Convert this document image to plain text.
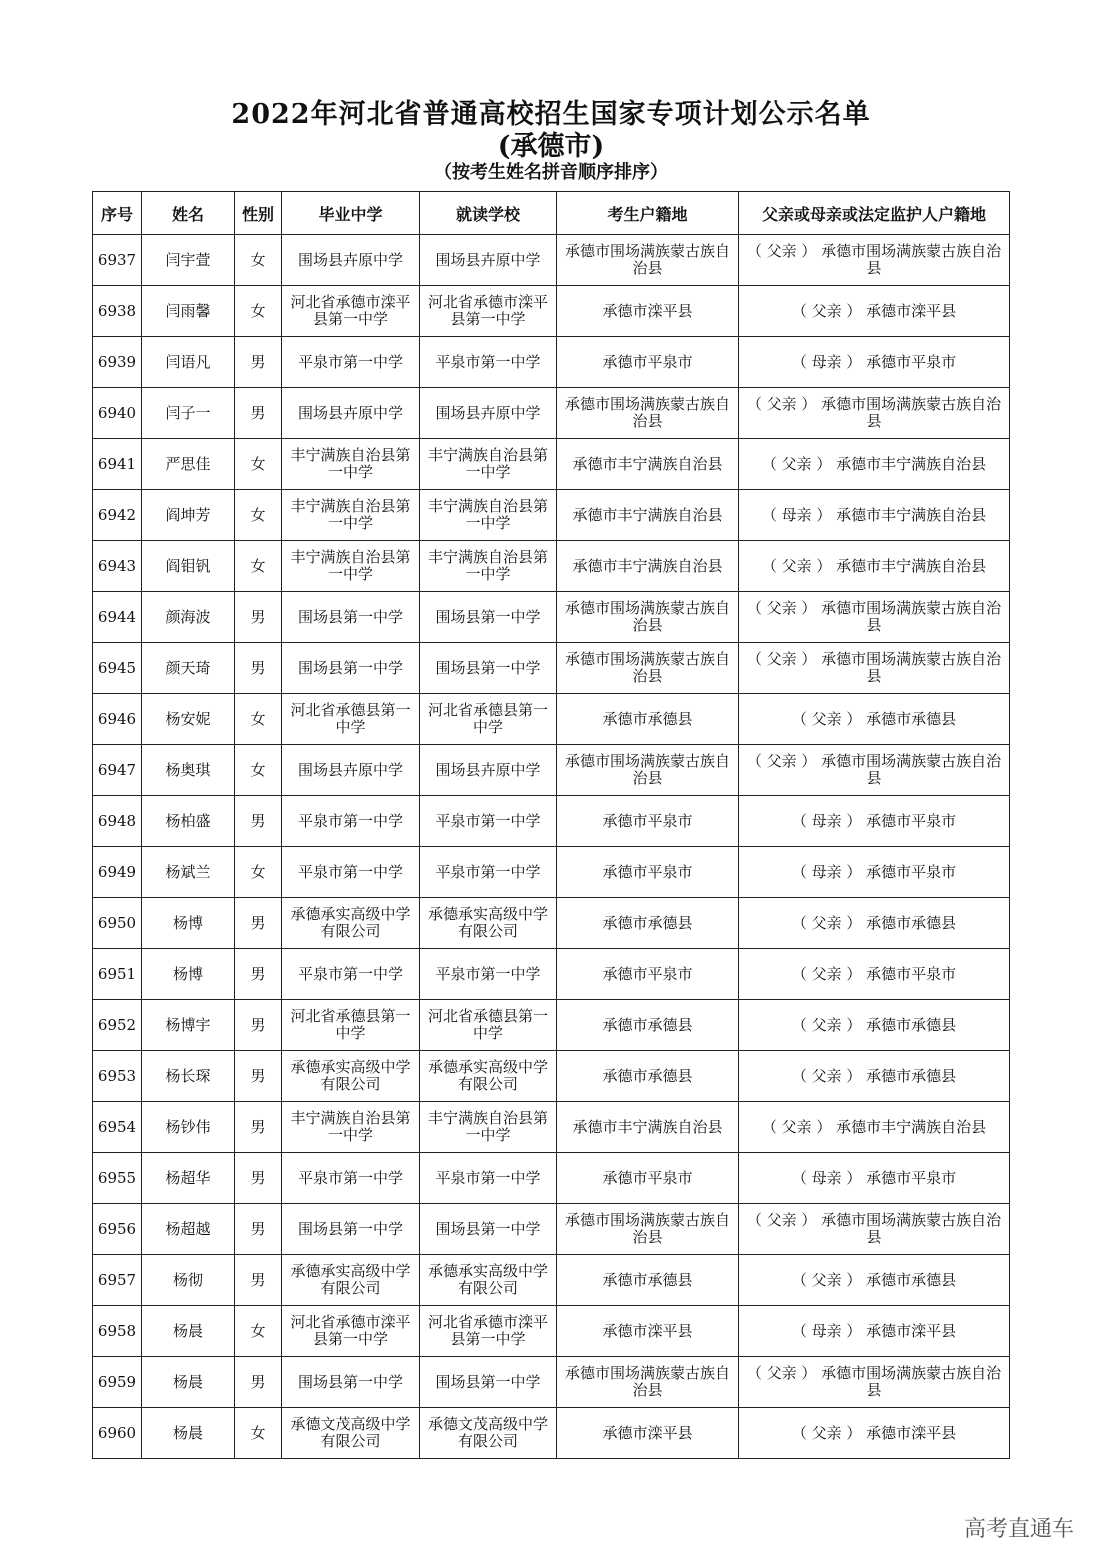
2022年河北省普通高校招生国家专项计划公示名单
(承德市)
（按考生姓名拼音顺序排序）
序号	姓名	性别	毕业中学	就读学校	考生户籍地	父亲或母亲或法定监护人户籍地
6937	闫宇萱	女	围场县卉原中学	围场县卉原中学	承德市围场满族蒙古族自治县	（ 父亲 ） 承德市围场满族蒙古族自治县
6938	闫雨馨	女	河北省承德市滦平县第一中学	河北省承德市滦平县第一中学	承德市滦平县	（ 父亲 ） 承德市滦平县
6939	闫语凡	男	平泉市第一中学	平泉市第一中学	承德市平泉市	（ 母亲 ） 承德市平泉市
6940	闫子一	男	围场县卉原中学	围场县卉原中学	承德市围场满族蒙古族自治县	（ 父亲 ） 承德市围场满族蒙古族自治县
6941	严思佳	女	丰宁满族自治县第一中学	丰宁满族自治县第一中学	承德市丰宁满族自治县	（ 父亲 ） 承德市丰宁满族自治县
6942	阎坤芳	女	丰宁满族自治县第一中学	丰宁满族自治县第一中学	承德市丰宁满族自治县	（ 母亲 ） 承德市丰宁满族自治县
6943	阎钼钒	女	丰宁满族自治县第一中学	丰宁满族自治县第一中学	承德市丰宁满族自治县	（ 父亲 ） 承德市丰宁满族自治县
6944	颜海波	男	围场县第一中学	围场县第一中学	承德市围场满族蒙古族自治县	（ 父亲 ） 承德市围场满族蒙古族自治县
6945	颜天琦	男	围场县第一中学	围场县第一中学	承德市围场满族蒙古族自治县	（ 父亲 ） 承德市围场满族蒙古族自治县
6946	杨安妮	女	河北省承德县第一中学	河北省承德县第一中学	承德市承德县	（ 父亲 ） 承德市承德县
6947	杨奥琪	女	围场县卉原中学	围场县卉原中学	承德市围场满族蒙古族自治县	（ 父亲 ） 承德市围场满族蒙古族自治县
6948	杨柏盛	男	平泉市第一中学	平泉市第一中学	承德市平泉市	（ 母亲 ） 承德市平泉市
6949	杨斌兰	女	平泉市第一中学	平泉市第一中学	承德市平泉市	（ 母亲 ） 承德市平泉市
6950	杨博	男	承德承实高级中学有限公司	承德承实高级中学有限公司	承德市承德县	（ 父亲 ） 承德市承德县
6951	杨博	男	平泉市第一中学	平泉市第一中学	承德市平泉市	（ 父亲 ） 承德市平泉市
6952	杨博宇	男	河北省承德县第一中学	河北省承德县第一中学	承德市承德县	（ 父亲 ） 承德市承德县
6953	杨长琛	男	承德承实高级中学有限公司	承德承实高级中学有限公司	承德市承德县	（ 父亲 ） 承德市承德县
6954	杨钞伟	男	丰宁满族自治县第一中学	丰宁满族自治县第一中学	承德市丰宁满族自治县	（ 父亲 ） 承德市丰宁满族自治县
6955	杨超华	男	平泉市第一中学	平泉市第一中学	承德市平泉市	（ 母亲 ） 承德市平泉市
6956	杨超越	男	围场县第一中学	围场县第一中学	承德市围场满族蒙古族自治县	（ 父亲 ） 承德市围场满族蒙古族自治县
6957	杨彻	男	承德承实高级中学有限公司	承德承实高级中学有限公司	承德市承德县	（ 父亲 ） 承德市承德县
6958	杨晨	女	河北省承德市滦平县第一中学	河北省承德市滦平县第一中学	承德市滦平县	（ 母亲 ） 承德市滦平县
6959	杨晨	男	围场县第一中学	围场县第一中学	承德市围场满族蒙古族自治县	（ 父亲 ） 承德市围场满族蒙古族自治县
6960	杨晨	女	承德文茂高级中学有限公司	承德文茂高级中学有限公司	承德市滦平县	（ 父亲 ） 承德市滦平县
高考直通车
